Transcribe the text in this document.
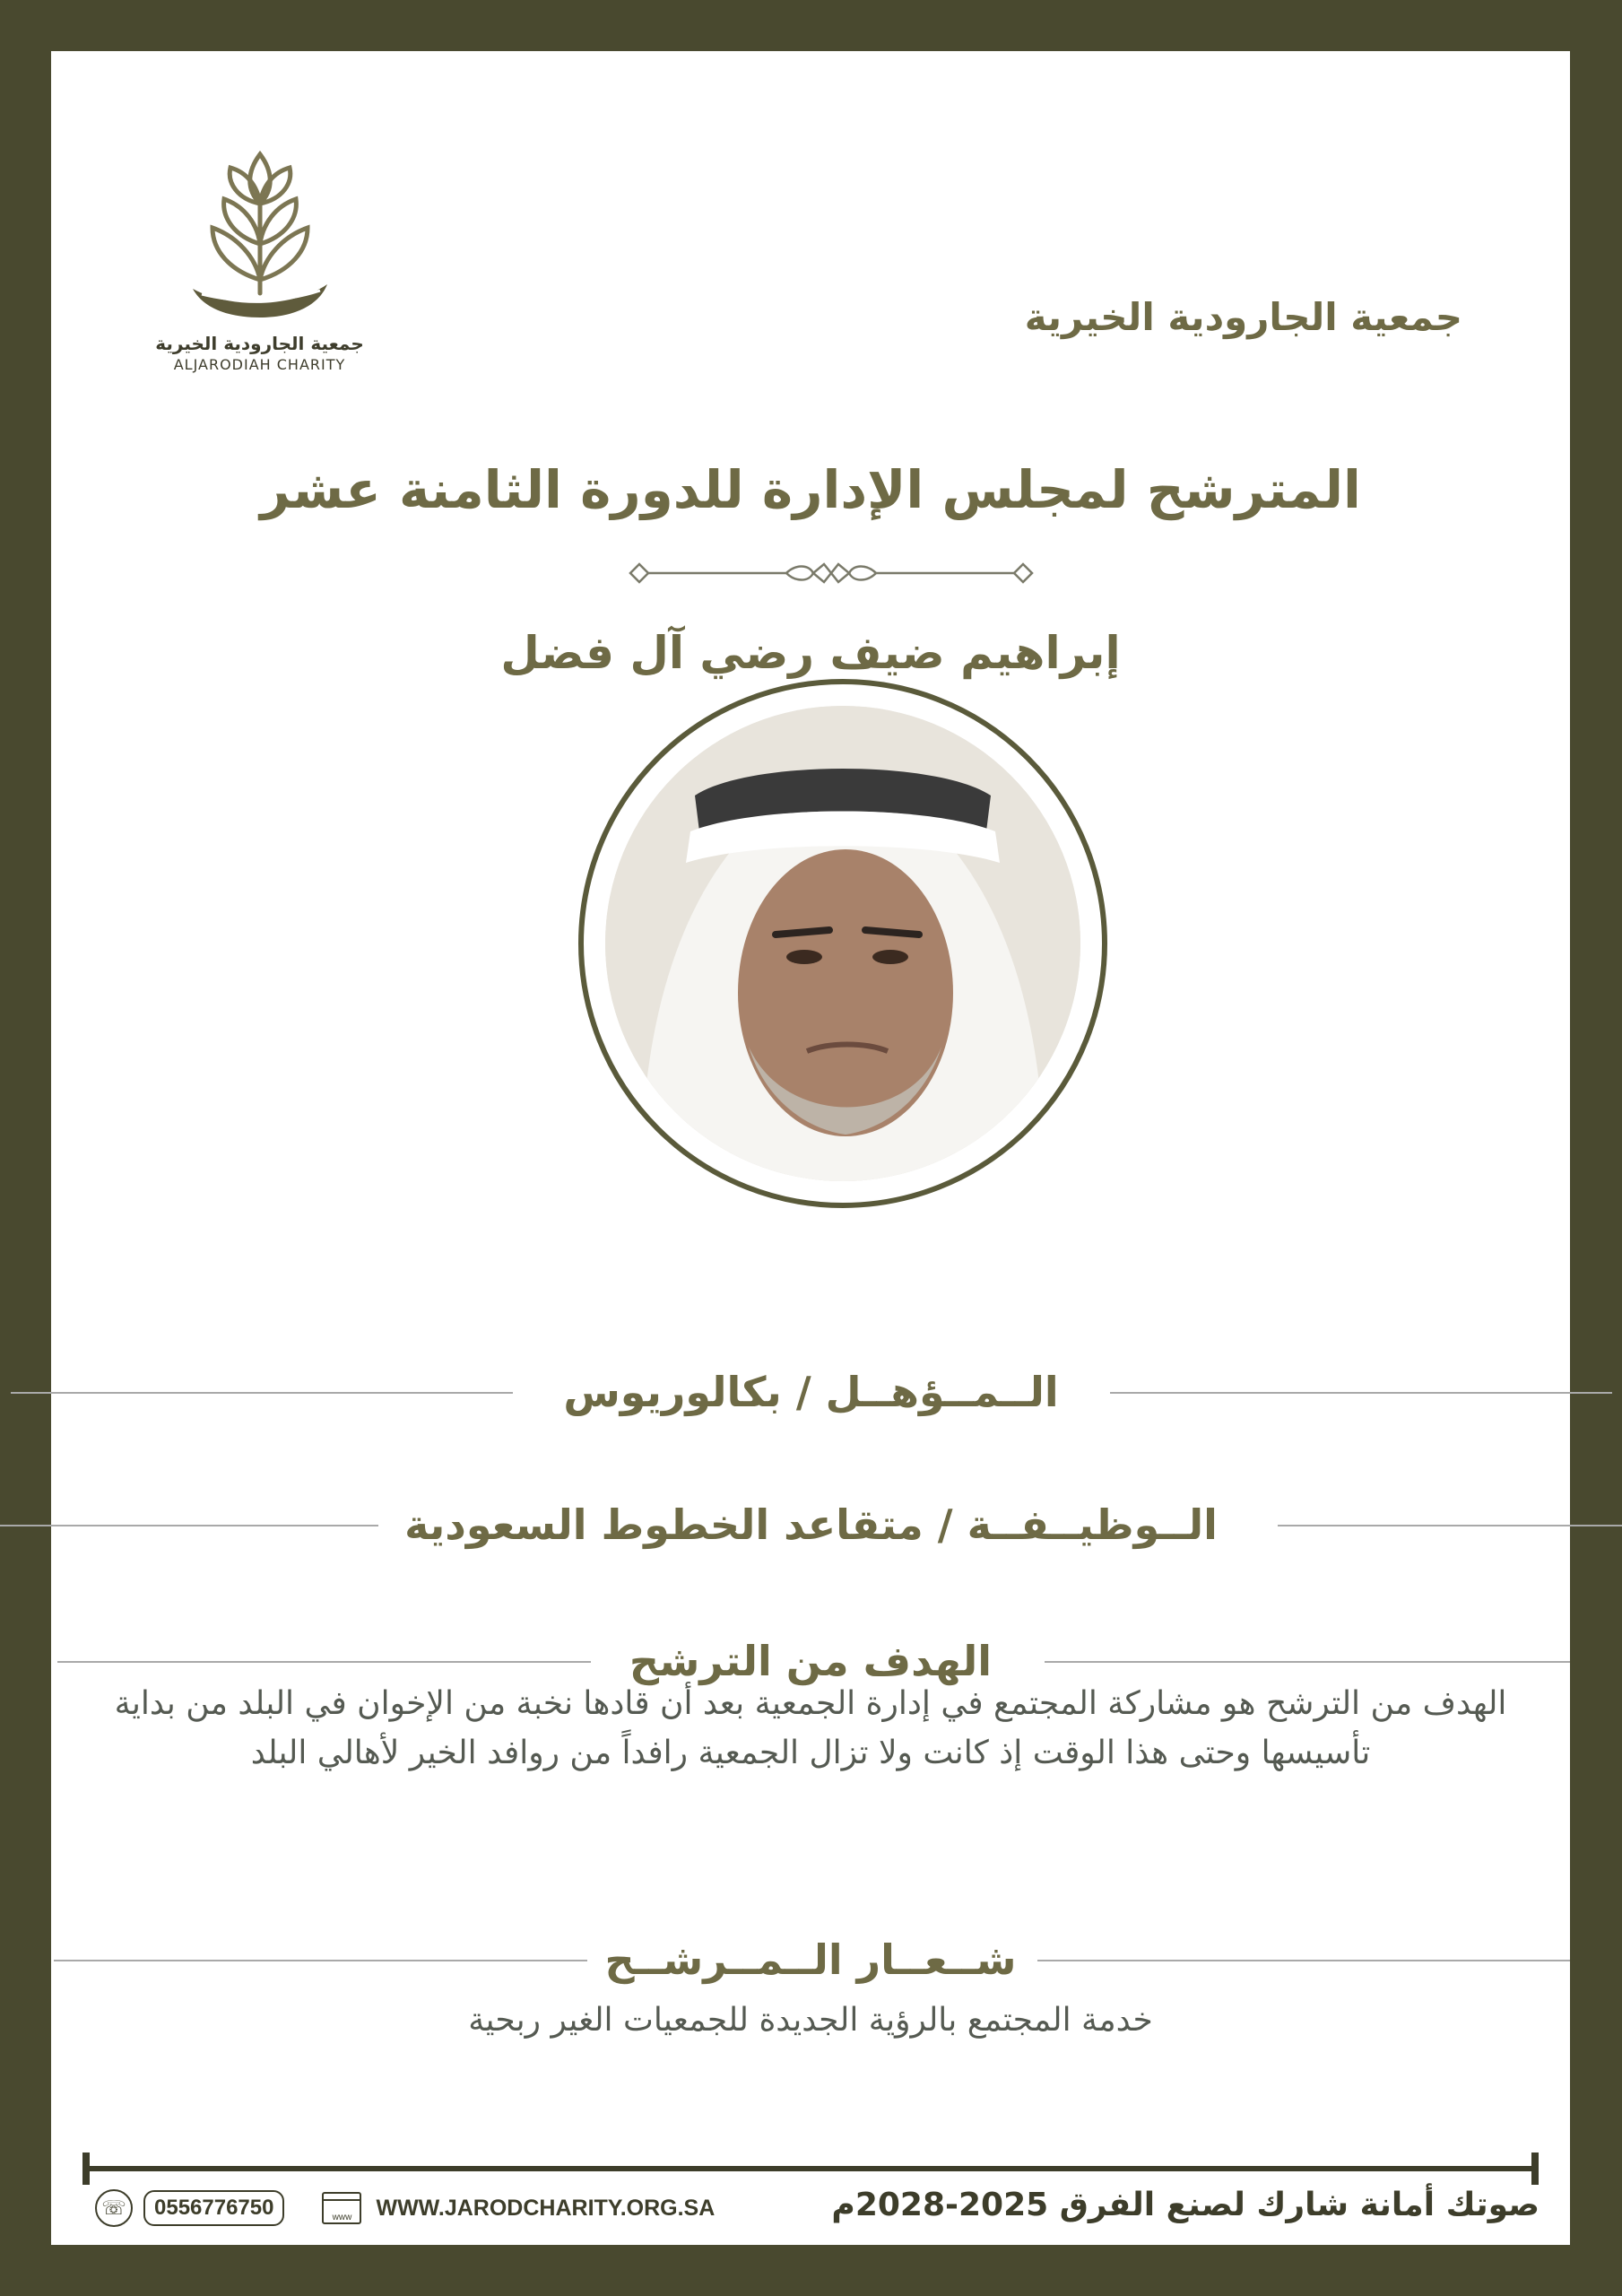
جمعية الجارودية الخيرية
ALJARODIAH CHARITY
جمعية الجارودية الخيرية
المترشح لمجلس الإدارة للدورة الثامنة عشر
إبراهيم ضيف رضي آل فضل
الــمــؤهــل / بكالوريوس
الــوظيــفــة / متقاعد الخطوط السعودية
الهدف من الترشح
الهدف من الترشح هو مشاركة المجتمع في إدارة الجمعية بعد أن قادها نخبة من الإخوان في البلد من بداية تأسيسها وحتى هذا الوقت إذ كانت ولا تزال الجمعية رافداً من روافد الخير لأهالي البلد
شــعــار الــمــرشــح
خدمة المجتمع بالرؤية الجديدة للجمعيات الغير ربحية
☏	0556776750	www WWW.JARODCHARITY.ORG.SA	صوتك أمانة شارك لصنع الفرق 2025-2028م
